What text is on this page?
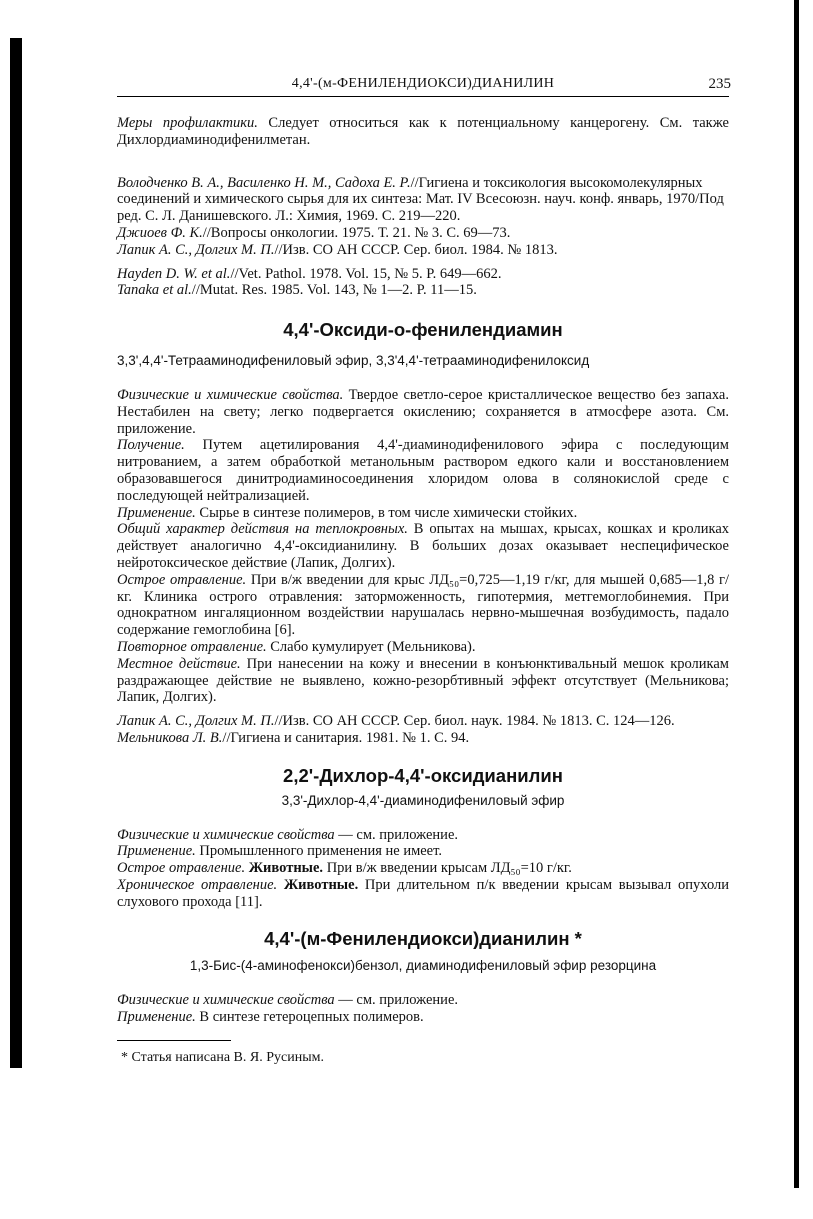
4,4'-(м-ФЕНИЛЕНДИОКСИ)ДИАНИЛИН	235

Меры профилактики. Следует относиться как к потенциальному канцерогену. См. также Дихлордиаминодифенилметан.

Володченко В. А., Василенко Н. М., Садоха Е. Р.//Гигиена и токсикология высокомолекулярных соединений и химического сырья для их синтеза: Мат. IV Всесоюзн. науч. конф. январь, 1970/Под ред. С. Л. Данишевского. Л.: Химия, 1969. С. 219—220.

Джиоев Ф. К.//Вопросы онкологии. 1975. Т. 21. № 3. С. 69—73.

Лапик А. С., Долгих М. П.//Изв. СО АН СССР. Сер. биол. 1984. № 1813.

Hayden D. W. et al.//Vet. Pathol. 1978. Vol. 15, № 5. P. 649—662.

Tanaka et al.//Mutat. Res. 1985. Vol. 143, № 1—2. P. 11—15.

4,4'-Оксиди-о-фенилендиамин

3,3',4,4'-Тетрааминодифениловый эфир, 3,3'4,4'-тетрааминодифенилоксид

Физические и химические свойства. Твердое светло-серое кристаллическое вещество без запаха. Нестабилен на свету; легко подвергается окислению; сохраняется в атмосфере азота. См. приложение.

Получение. Путем ацетилирования 4,4'-диаминодифенилового эфира с последующим нитрованием, а затем обработкой метанольным раствором едкого кали и восстановлением образовавшегося динитродиаминосоединения хлоридом олова в солянокислой среде с последующей нейтрализацией.

Применение. Сырье в синтезе полимеров, в том числе химически стойких.

Общий характер действия на теплокровных. В опытах на мышах, крысах, кошках и кроликах действует аналогично 4,4'-оксидианилину. В больших дозах оказывает неспецифическое нейротоксическое действие (Лапик, Долгих).

Острое отравление. При в/ж введении для крыс ЛД₅₀=0,725—1,19 г/кг, для мышей 0,685—1,8 г/кг. Клиника острого отравления: заторможенность, гипотермия, метгемоглобинемия. При однократном ингаляционном воздействии нарушалась нервно-мышечная возбудимость, падало содержание гемоглобина [6].

Повторное отравление. Слабо кумулирует (Мельникова).

Местное действие. При нанесении на кожу и внесении в конъюнктивальный мешок кроликам раздражающее действие не выявлено, кожно-резорбтивный эффект отсутствует (Мельникова; Лапик, Долгих).

Лапик А. С., Долгих М. П.//Изв. СО АН СССР. Сер. биол. наук. 1984. № 1813. С. 124—126.

Мельникова Л. В.//Гигиена и санитария. 1981. № 1. С. 94.

2,2'-Дихлор-4,4'-оксидианилин

3,3'-Дихлор-4,4'-диаминодифениловый эфир

Физические и химические свойства — см. приложение.

Применение. Промышленного применения не имеет.

Острое отравление. Животные. При в/ж введении крысам ЛД₅₀=10 г/кг.

Хроническое отравление. Животные. При длительном п/к введении крысам вызывал опухоли слухового прохода [11].

4,4'-(м-Фенилендиокси)дианилин *

1,3-Бис-(4-аминофенокси)бензол, диаминодифениловый эфир резорцина

Физические и химические свойства — см. приложение.

Применение. В синтезе гетероцепных полимеров.

* Статья написана В. Я. Русиным.
